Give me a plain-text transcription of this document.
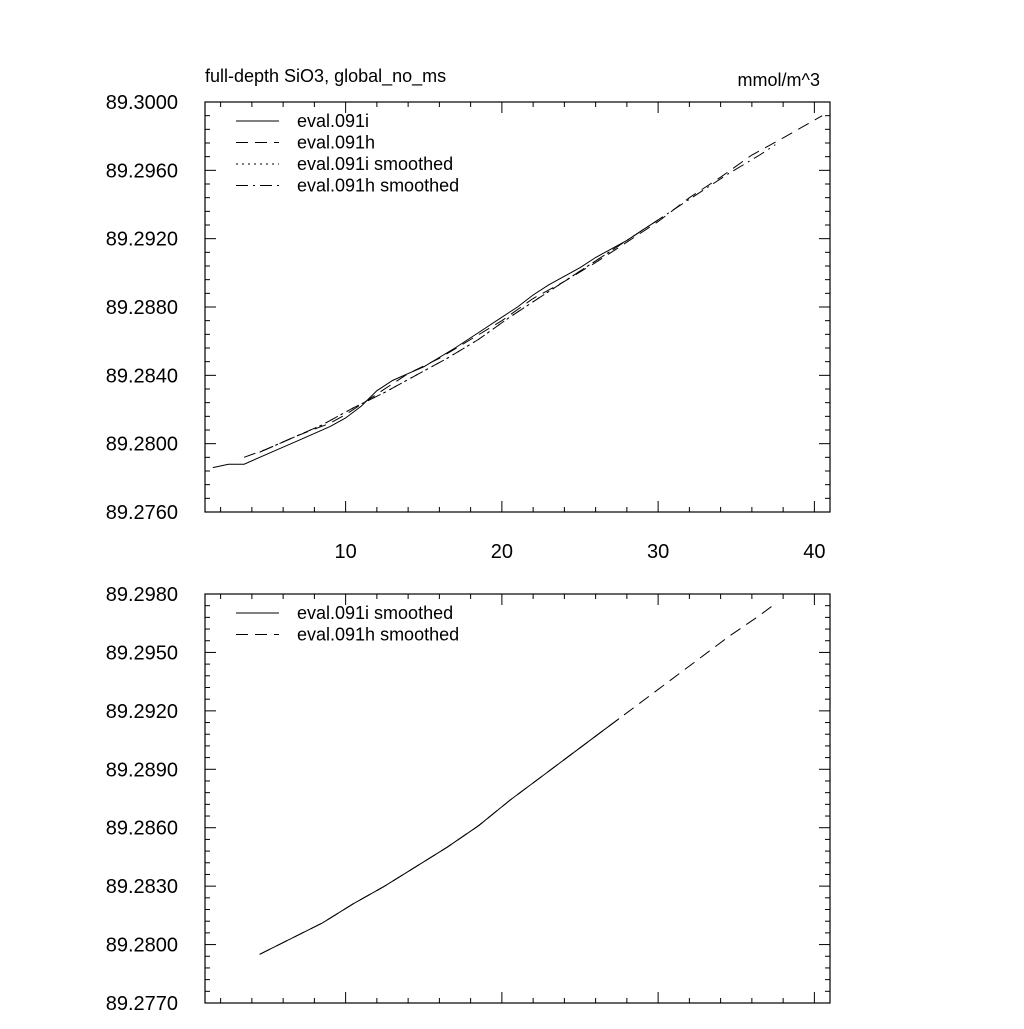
10	20	30	40
89.2760
89.2800
89.2840
89.2880
89.2920
89.2960
89.3000
full-depth SiO3, global_no_ms	mmol/m^3
eval.091i
eval.091h
eval.091i smoothed
eval.091h smoothed
89.2770
89.2800
89.2830
89.2860
89.2890
89.2920
89.2950
89.2980
eval.091i smoothed
eval.091h smoothed
